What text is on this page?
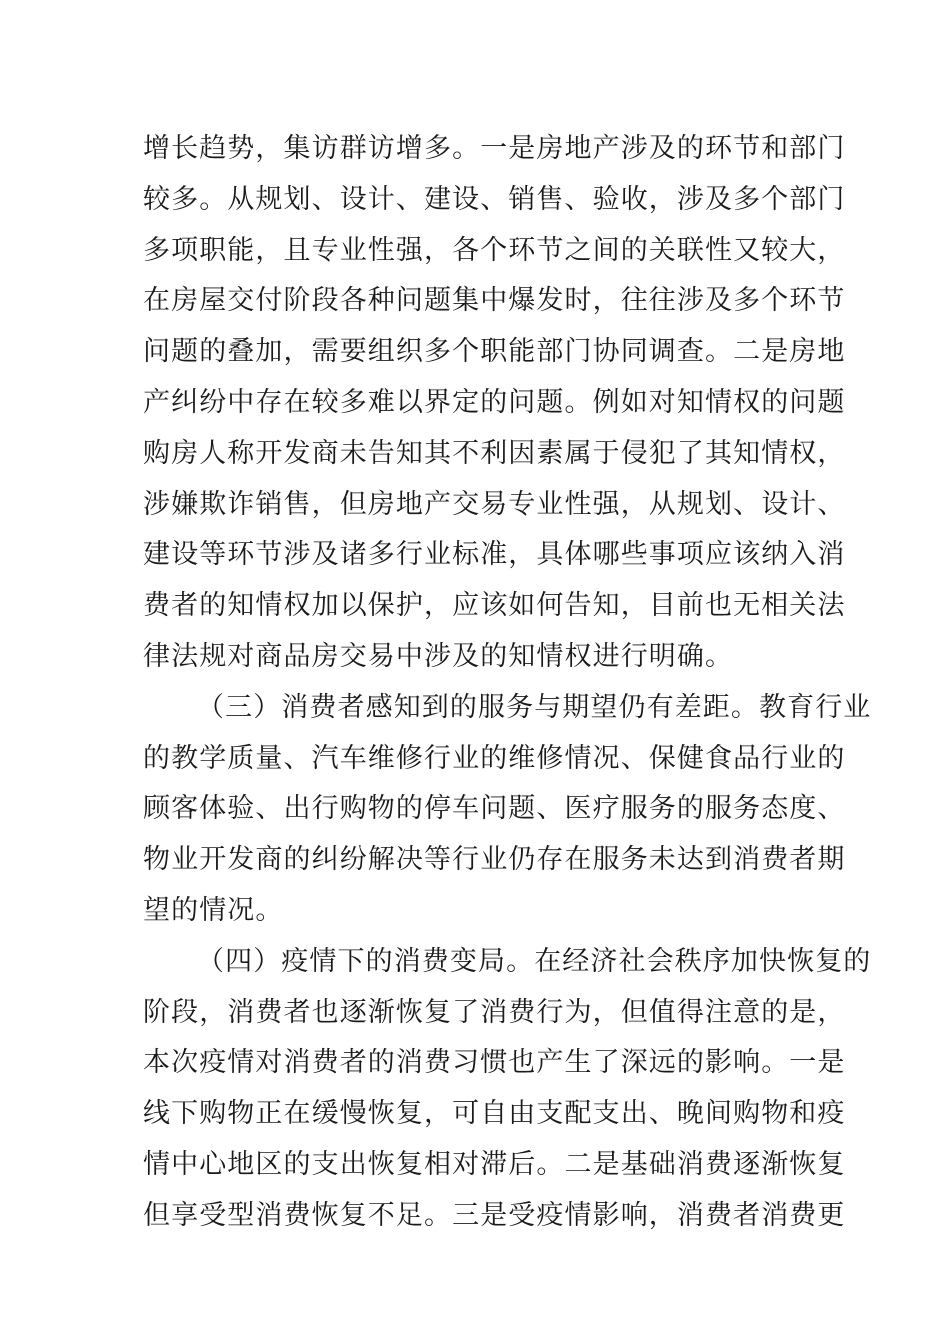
增长趋势，集访群访增多。一是房地产涉及的环节和部门
较多。从规划、设计、建设、销售、验收，涉及多个部门
多项职能，且专业性强，各个环节之间的关联性又较大，
在房屋交付阶段各种问题集中爆发时，往往涉及多个环节
问题的叠加，需要组织多个职能部门协同调查。二是房地
产纠纷中存在较多难以界定的问题。例如对知情权的问题
购房人称开发商未告知其不利因素属于侵犯了其知情权，
涉嫌欺诈销售，但房地产交易专业性强，从规划、设计、
建设等环节涉及诸多行业标准，具体哪些事项应该纳入消
费者的知情权加以保护，应该如何告知，目前也无相关法
律法规对商品房交易中涉及的知情权进行明确。
（三）消费者感知到的服务与期望仍有差距。教育行业
的教学质量、汽车维修行业的维修情况、保健食品行业的
顾客体验、出行购物的停车问题、医疗服务的服务态度、
物业开发商的纠纷解决等行业仍存在服务未达到消费者期
望的情况。
（四）疫情下的消费变局。在经济社会秩序加快恢复的
阶段，消费者也逐渐恢复了消费行为，但值得注意的是，
本次疫情对消费者的消费习惯也产生了深远的影响。一是
线下购物正在缓慢恢复，可自由支配支出、晚间购物和疫
情中心地区的支出恢复相对滞后。二是基础消费逐渐恢复
但享受型消费恢复不足。三是受疫情影响，消费者消费更
